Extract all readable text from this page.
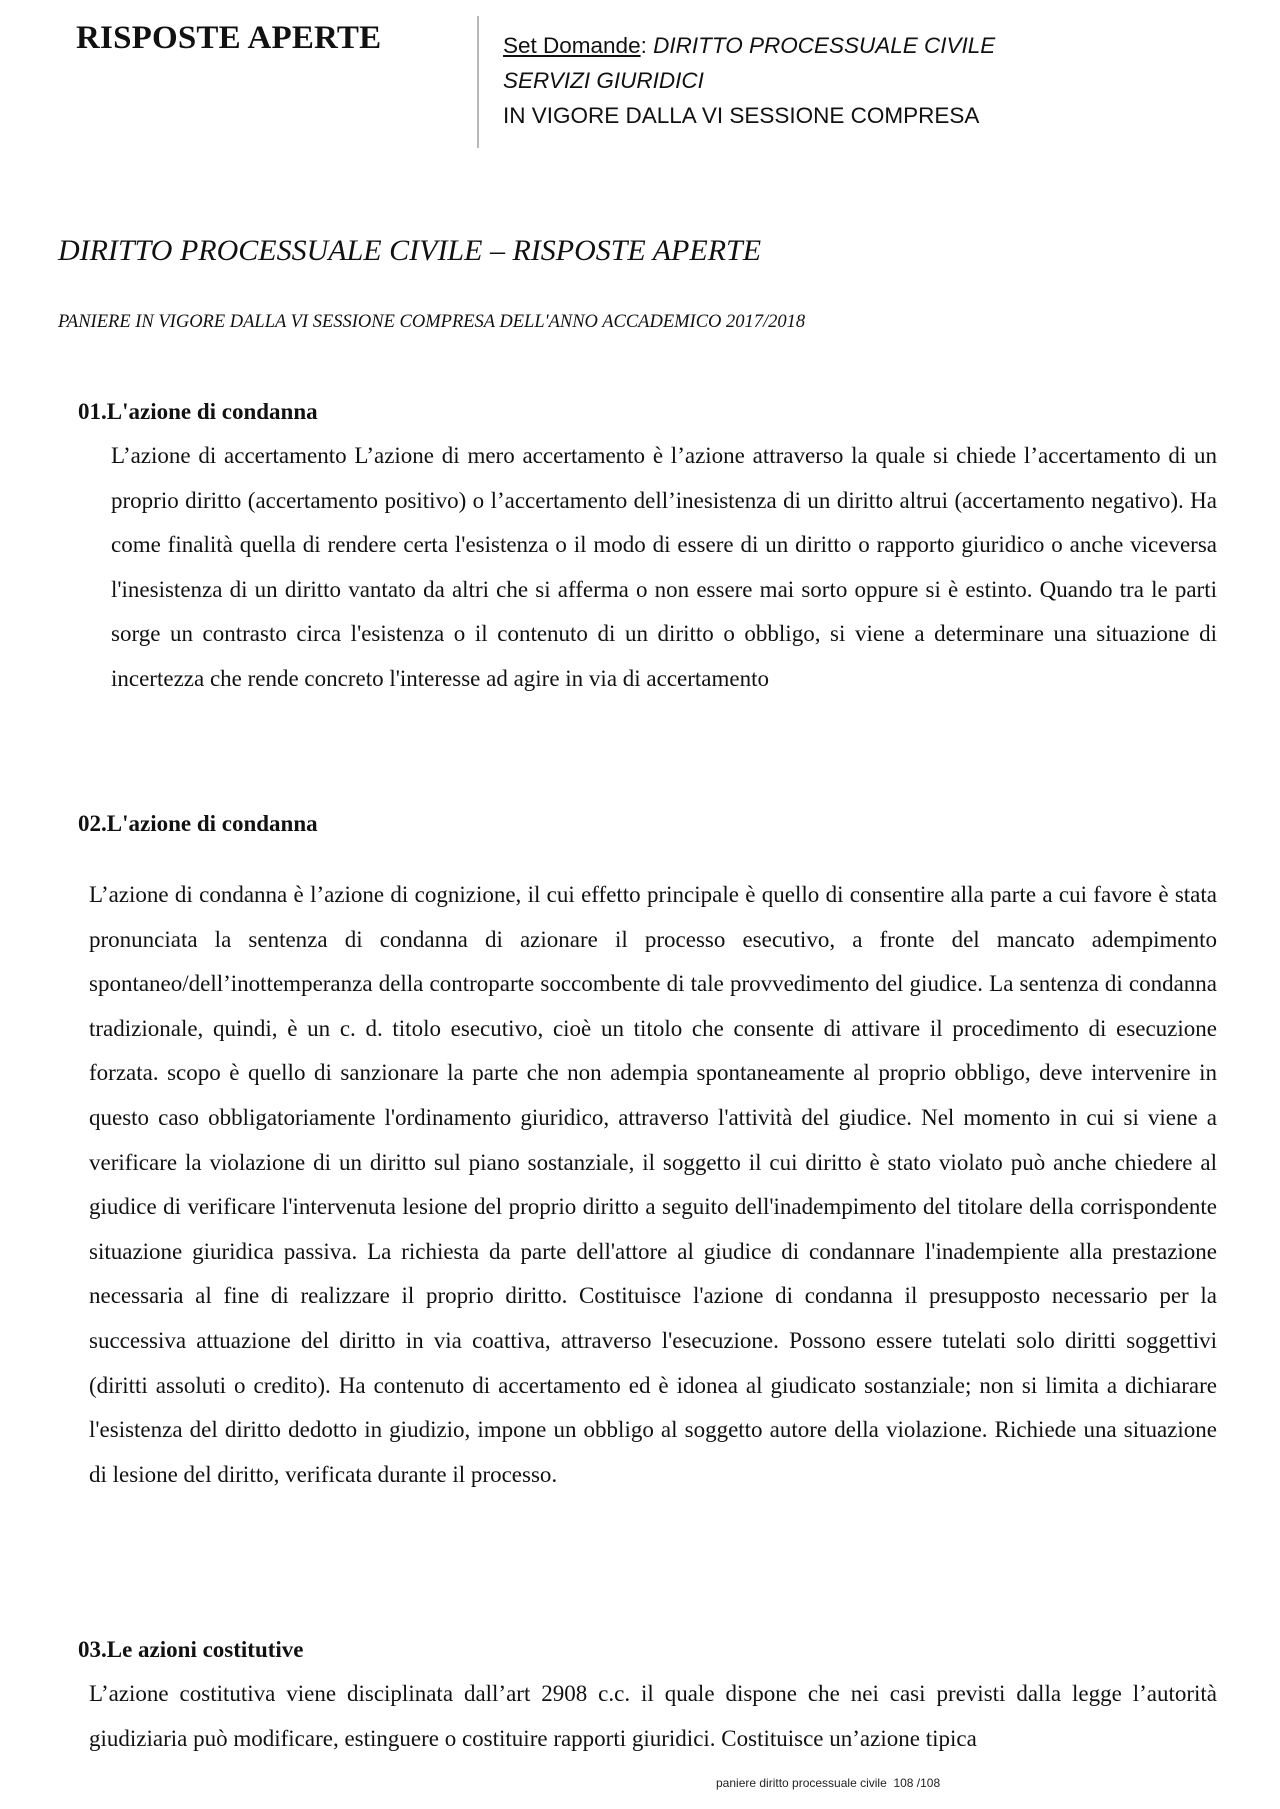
RISPOSTE APERTE	Set Domande: DIRITTO PROCESSUALE CIVILE
SERVIZI GIURIDICI
IN VIGORE DALLA VI SESSIONE COMPRESA
DIRITTO PROCESSUALE CIVILE – RISPOSTE APERTE
PANIERE IN VIGORE DALLA VI SESSIONE COMPRESA DELL'ANNO ACCADEMICO 2017/2018
01.L'azione di condanna
L’azione di accertamento L’azione di mero accertamento è l’azione attraverso la quale si chiede l’accertamento di un proprio diritto (accertamento positivo) o l’accertamento dell’inesistenza di un diritto altrui (accertamento negativo). Ha come finalità quella di rendere certa l'esistenza o il modo di essere di un diritto o rapporto giuridico o anche viceversa l'inesistenza di un diritto vantato da altri che si afferma o non essere mai sorto oppure si è estinto. Quando tra le parti sorge un contrasto circa l'esistenza o il contenuto di un diritto o obbligo, si viene a determinare una situazione di incertezza che rende concreto l'interesse ad agire in via di accertamento
02.L'azione di condanna
L’azione di condanna è l’azione di cognizione, il cui effetto principale è quello di consentire alla parte a cui favore è stata pronunciata la sentenza di condanna di azionare il processo esecutivo, a fronte del mancato adempimento spontaneo/dell’inottemperanza della controparte soccombente di tale provvedimento del giudice. La sentenza di condanna tradizionale, quindi, è un c. d. titolo esecutivo, cioè un titolo che consente di attivare il procedimento di esecuzione forzata. scopo è quello di sanzionare la parte che non adempia spontaneamente al proprio obbligo, deve intervenire in questo caso obbligatoriamente l'ordinamento giuridico, attraverso l'attività del giudice. Nel momento in cui si viene a verificare la violazione di un diritto sul piano sostanziale, il soggetto il cui diritto è stato violato può anche chiedere al giudice di verificare l'intervenuta lesione del proprio diritto a seguito dell'inadempimento del titolare della corrispondente situazione giuridica passiva. La richiesta da parte dell'attore al giudice di condannare l'inadempiente alla prestazione necessaria al fine di realizzare il proprio diritto. Costituisce l'azione di condanna il presupposto necessario per la successiva attuazione del diritto in via coattiva, attraverso l'esecuzione. Possono essere tutelati solo diritti soggettivi (diritti assoluti o credito). Ha contenuto di accertamento ed è idonea al giudicato sostanziale; non si limita a dichiarare l'esistenza del diritto dedotto in giudizio, impone un obbligo al soggetto autore della violazione. Richiede una situazione di lesione del diritto, verificata durante il processo.
03.Le azioni costitutive
L’azione costitutiva viene disciplinata dall’art 2908 c.c. il quale dispone che nei casi previsti dalla legge l’autorità giudiziaria può modificare, estinguere o costituire rapporti giuridici. Costituisce un’azione tipica
paniere diritto processuale civile 108 /108
